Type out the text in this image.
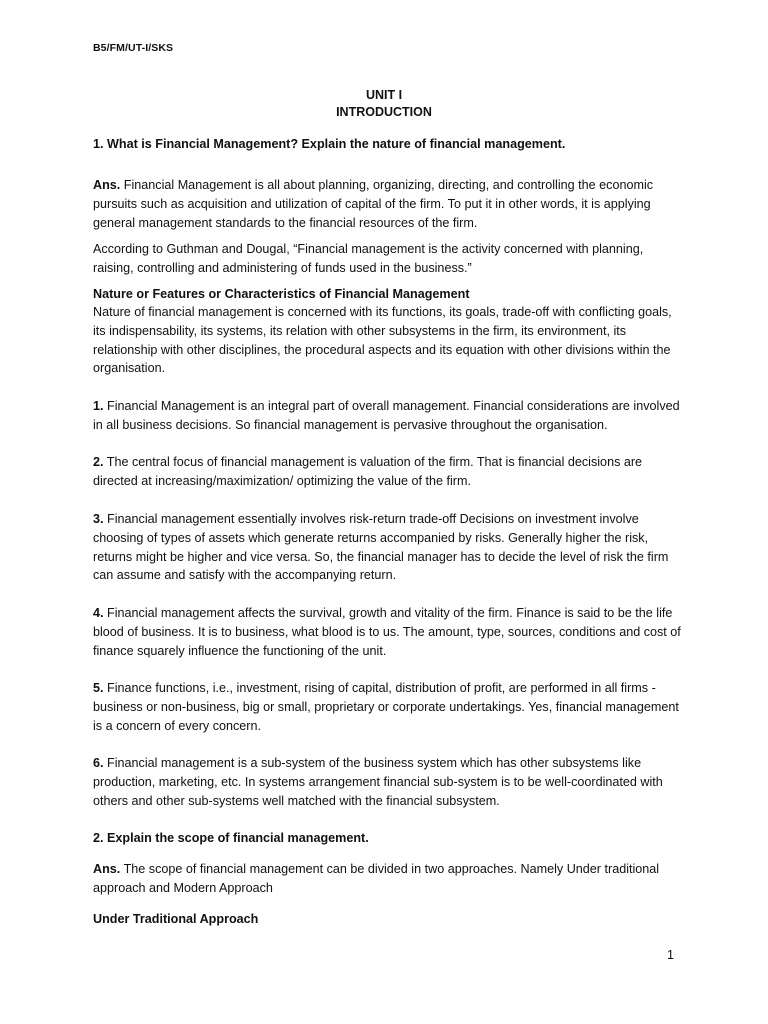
B5/FM/UT-I/SKS
UNIT I
INTRODUCTION

1. What is Financial Management? Explain the nature of financial management.

Ans. Financial Management is all about planning, organizing, directing, and controlling the economic pursuits such as acquisition and utilization of capital of the firm. To put it in other words, it is applying general management standards to the financial resources of the firm.

According to Guthman and Dougal, “Financial management is the activity concerned with planning, raising, controlling and administering of funds used in the business.”

Nature or Features or Characteristics of Financial Management

Nature of financial management is concerned with its functions, its goals, trade-off with conflicting goals, its indispensability, its systems, its relation with other subsystems in the firm, its environment, its relationship with other disciplines, the procedural aspects and its equation with other divisions within the organisation.

1. Financial Management is an integral part of overall management. Financial considerations are involved in all business decisions. So financial management is pervasive throughout the organisation.

2. The central focus of financial management is valuation of the firm. That is financial decisions are directed at increasing/maximization/ optimizing the value of the firm.

3. Financial management essentially involves risk-return trade-off Decisions on investment involve choosing of types of assets which generate returns accompanied by risks. Generally higher the risk, returns might be higher and vice versa. So, the financial manager has to decide the level of risk the firm can assume and satisfy with the accompanying return.

4. Financial management affects the survival, growth and vitality of the firm. Finance is said to be the life blood of business. It is to business, what blood is to us. The amount, type, sources, conditions and cost of finance squarely influence the functioning of the unit.

5. Finance functions, i.e., investment, rising of capital, distribution of profit, are performed in all firms - business or non-business, big or small, proprietary or corporate undertakings. Yes, financial management is a concern of every concern.

6. Financial management is a sub-system of the business system which has other subsystems like production, marketing, etc. In systems arrangement financial sub-system is to be well-coordinated with others and other sub-systems well matched with the financial subsystem.

2. Explain the scope of financial management.

Ans. The scope of financial management can be divided in two approaches. Namely Under traditional approach and Modern Approach

Under Traditional Approach

1
